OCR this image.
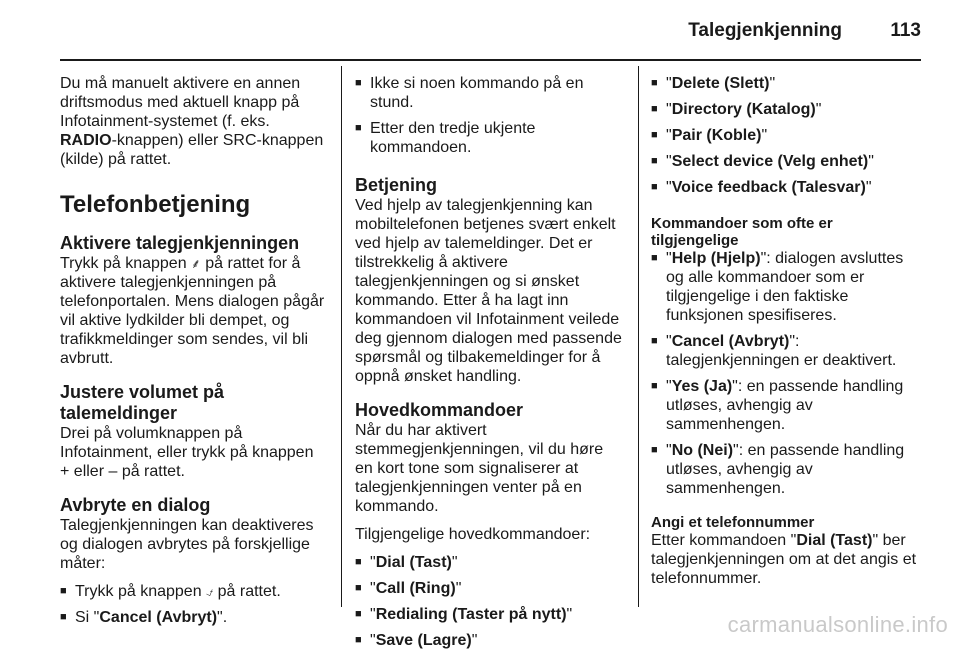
Talegjenkjenning	113

Du må manuelt aktivere en annen driftsmodus med aktuell knapp på Infotainment-systemet (f. eks. RADIO-knappen) eller SRC-knappen (kilde) på rattet.

Telefonbetjening
Aktivere talegjenkjenningen

Trykk på knappen ⸙ på rattet for å aktivere talegjenkjenningen på telefonportalen. Mens dialogen pågår vil aktive lydkilder bli dempet, og trafikkmeldinger som sendes, vil bli avbrutt.

Justere volumet på talemeldinger

Drei på volumknappen på Infotainment, eller trykk på knappen + eller – på rattet.

Avbryte en dialog

Talegjenkjenningen kan deaktiveres og dialogen avbrytes på forskjellige måter:

■ Trykk på knappen ⍻ på rattet.
■ Si "Cancel (Avbryt)".
■ Ikke si noen kommando på en stund.
■ Etter den tredje ukjente kommandoen.
Betjening

Ved hjelp av talegjenkjenning kan mobiltelefonen betjenes svært enkelt ved hjelp av talemeldinger. Det er tilstrekkelig å aktivere talegjenkjenningen og si ønsket kommando. Etter å ha lagt inn kommandoen vil Infotainment veilede deg gjennom dialogen med passende spørsmål og tilbakemeldinger for å oppnå ønsket handling.

Hovedkommandoer

Når du har aktivert stemmegjenkjenningen, vil du høre en kort tone som signaliserer at talegjenkjenningen venter på en kommando.

Tilgjengelige hovedkommandoer:

■ "Dial (Tast)"
■ "Call (Ring)"
■ "Redialing (Taster på nytt)"
■ "Save (Lagre)"
■ "Delete (Slett)"
■ "Directory (Katalog)"
■ "Pair (Koble)"
■ "Select device (Velg enhet)"
■ "Voice feedback (Talesvar)"
Kommandoer som ofte er tilgjengelige
■ "Help (Hjelp)": dialogen avsluttes og alle kommandoer som er tilgjengelige i den faktiske funksjonen spesifiseres.
■ "Cancel (Avbryt)": talegjenkjenningen er deaktivert.
■ "Yes (Ja)": en passende handling utløses, avhengig av sammenhengen.
■ "No (Nei)": en passende handling utløses, avhengig av sammenhengen.
Angi et telefonnummer

Etter kommandoen "Dial (Tast)" ber talegjenkjenningen om at det angis et telefonnummer.

carmanualsonline.info
